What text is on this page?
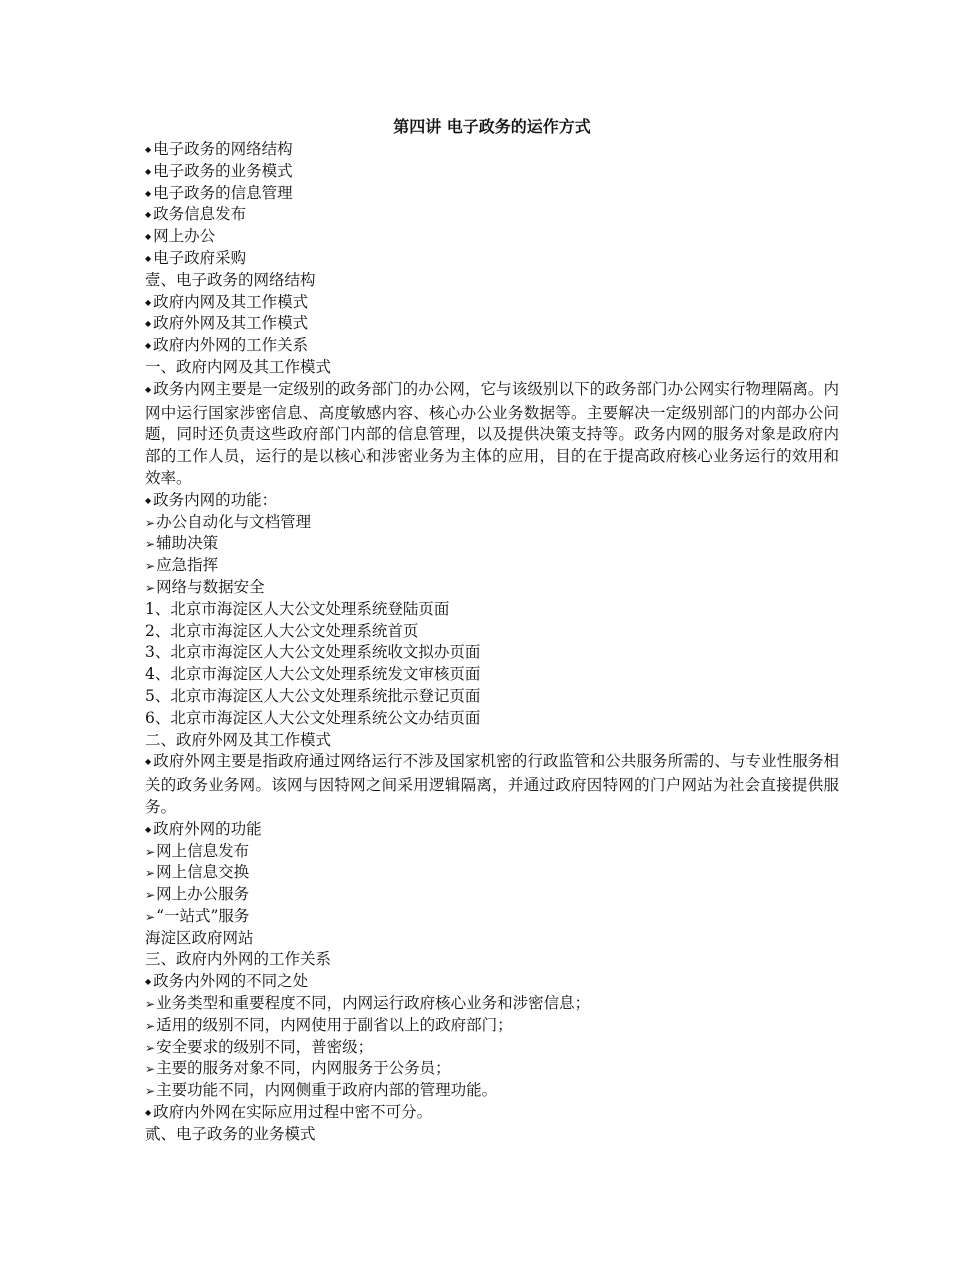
第四讲 电子政务的运作方式
◆ 电子政务的网络结构
◆ 电子政务的业务模式
◆ 电子政务的信息管理
◆ 政务信息发布
◆ 网上办公
◆ 电子政府采购
壹、电子政务的网络结构
◆ 政府内网及其工作模式
◆ 政府外网及其工作模式
◆ 政府内外网的工作关系
一、政府内网及其工作模式
◆ 政务内网主要是一定级别的政务部门的办公网，它与该级别以下的政务部门办公网实行物理隔离。内网中运行国家涉密信息、高度敏感内容、核心办公业务数据等。主要解决一定级别部门的内部办公问题，同时还负责这些政府部门内部的信息管理，以及提供决策支持等。政务内网的服务对象是政府内部的工作人员，运行的是以核心和涉密业务为主体的应用，目的在于提高政府核心业务运行的效用和效率。
◆ 政务内网的功能：
➢ 办公自动化与文档管理
➢ 辅助决策
➢ 应急指挥
➢ 网络与数据安全
1、北京市海淀区人大公文处理系统登陆页面
2、北京市海淀区人大公文处理系统首页
3、北京市海淀区人大公文处理系统收文拟办页面
4、北京市海淀区人大公文处理系统发文审核页面
5、北京市海淀区人大公文处理系统批示登记页面
6、北京市海淀区人大公文处理系统公文办结页面
二、政府外网及其工作模式
◆ 政府外网主要是指政府通过网络运行不涉及国家机密的行政监管和公共服务所需的、与专业性服务相关的政务业务网。该网与因特网之间采用逻辑隔离，并通过政府因特网的门户网站为社会直接提供服务。
◆ 政府外网的功能
➢ 网上信息发布
➢ 网上信息交换
➢ 网上办公服务
➢ “一站式”服务
海淀区政府网站
三、政府内外网的工作关系
◆ 政务内外网的不同之处
➢ 业务类型和重要程度不同，内网运行政府核心业务和涉密信息；
➢ 适用的级别不同，内网使用于副省以上的政府部门；
➢ 安全要求的级别不同，普密级；
➢ 主要的服务对象不同，内网服务于公务员；
➢ 主要功能不同，内网侧重于政府内部的管理功能。
◆ 政府内外网在实际应用过程中密不可分。
贰、电子政务的业务模式
